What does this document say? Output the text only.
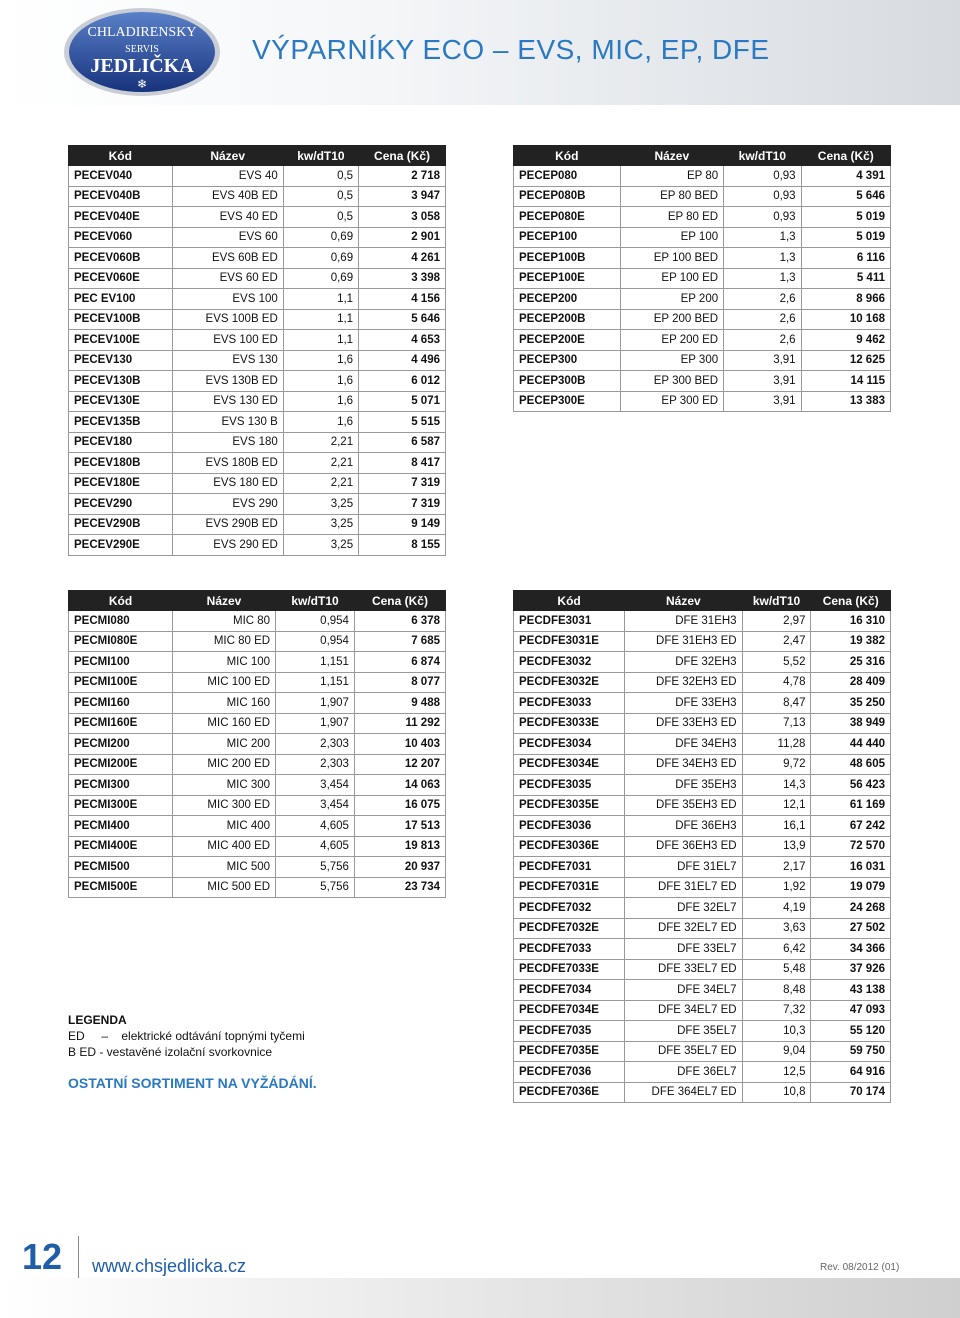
CHLADIRENSKY
SERVIS
JEDLIČKA
❄
VÝPARNÍKY ECO – EVS, MIC, EP, DFE
Kód	Název	kw/dT10	Cena (Kč)
PECEV040	EVS 40	0,5	2 718
PECEV040B	EVS 40B ED	0,5	3 947
PECEV040E	EVS 40 ED	0,5	3 058
PECEV060	EVS 60	0,69	2 901
PECEV060B	EVS 60B ED	0,69	4 261
PECEV060E	EVS 60 ED	0,69	3 398
PEC EV100	EVS 100	1,1	4 156
PECEV100B	EVS 100B ED	1,1	5 646
PECEV100E	EVS 100 ED	1,1	4 653
PECEV130	EVS 130	1,6	4 496
PECEV130B	EVS 130B ED	1,6	6 012
PECEV130E	EVS 130 ED	1,6	5 071
PECEV135B	EVS 130 B	1,6	5 515
PECEV180	EVS 180	2,21	6 587
PECEV180B	EVS 180B ED	2,21	8 417
PECEV180E	EVS 180 ED	2,21	7 319
PECEV290	EVS 290	3,25	7 319
PECEV290B	EVS 290B ED	3,25	9 149
PECEV290E	EVS 290 ED	3,25	8 155
Kód	Název	kw/dT10	Cena (Kč)
PECEP080	EP 80	0,93	4 391
PECEP080B	EP 80 BED	0,93	5 646
PECEP080E	EP 80 ED	0,93	5 019
PECEP100	EP 100	1,3	5 019
PECEP100B	EP 100 BED	1,3	6 116
PECEP100E	EP 100 ED	1,3	5 411
PECEP200	EP 200	2,6	8 966
PECEP200B	EP 200 BED	2,6	10 168
PECEP200E	EP 200 ED	2,6	9 462
PECEP300	EP 300	3,91	12 625
PECEP300B	EP 300 BED	3,91	14 115
PECEP300E	EP 300 ED	3,91	13 383
Kód	Název	kw/dT10	Cena (Kč)
PECMI080	MIC 80	0,954	6 378
PECMI080E	MIC 80 ED	0,954	7 685
PECMI100	MIC 100	1,151	6 874
PECMI100E	MIC 100 ED	1,151	8 077
PECMI160	MIC 160	1,907	9 488
PECMI160E	MIC 160 ED	1,907	11 292
PECMI200	MIC 200	2,303	10 403
PECMI200E	MIC 200 ED	2,303	12 207
PECMI300	MIC 300	3,454	14 063
PECMI300E	MIC 300 ED	3,454	16 075
PECMI400	MIC 400	4,605	17 513
PECMI400E	MIC 400 ED	4,605	19 813
PECMI500	MIC 500	5,756	20 937
PECMI500E	MIC 500 ED	5,756	23 734
Kód	Název	kw/dT10	Cena (Kč)
PECDFE3031	DFE 31EH3	2,97	16 310
PECDFE3031E	DFE 31EH3 ED	2,47	19 382
PECDFE3032	DFE 32EH3	5,52	25 316
PECDFE3032E	DFE 32EH3 ED	4,78	28 409
PECDFE3033	DFE 33EH3	8,47	35 250
PECDFE3033E	DFE 33EH3 ED	7,13	38 949
PECDFE3034	DFE 34EH3	11,28	44 440
PECDFE3034E	DFE 34EH3 ED	9,72	48 605
PECDFE3035	DFE 35EH3	14,3	56 423
PECDFE3035E	DFE 35EH3 ED	12,1	61 169
PECDFE3036	DFE 36EH3	16,1	67 242
PECDFE3036E	DFE 36EH3 ED	13,9	72 570
PECDFE7031	DFE 31EL7	2,17	16 031
PECDFE7031E	DFE 31EL7 ED	1,92	19 079
PECDFE7032	DFE 32EL7	4,19	24 268
PECDFE7032E	DFE 32EL7 ED	3,63	27 502
PECDFE7033	DFE 33EL7	6,42	34 366
PECDFE7033E	DFE 33EL7 ED	5,48	37 926
PECDFE7034	DFE 34EL7	8,48	43 138
PECDFE7034E	DFE 34EL7 ED	7,32	47 093
PECDFE7035	DFE 35EL7	10,3	55 120
PECDFE7035E	DFE 35EL7 ED	9,04	59 750
PECDFE7036	DFE 36EL7	12,5	64 916
PECDFE7036E	DFE 364EL7 ED	10,8	70 174
LEGENDA
ED     –    elektrické odtávání topnými tyčemi
B ED - vestavěné izolační svorkovnice
OSTATNÍ SORTIMENT NA VYŽÁDÁNÍ.
12 www.chsjedlicka.cz	Rev. 08/2012 (01)
